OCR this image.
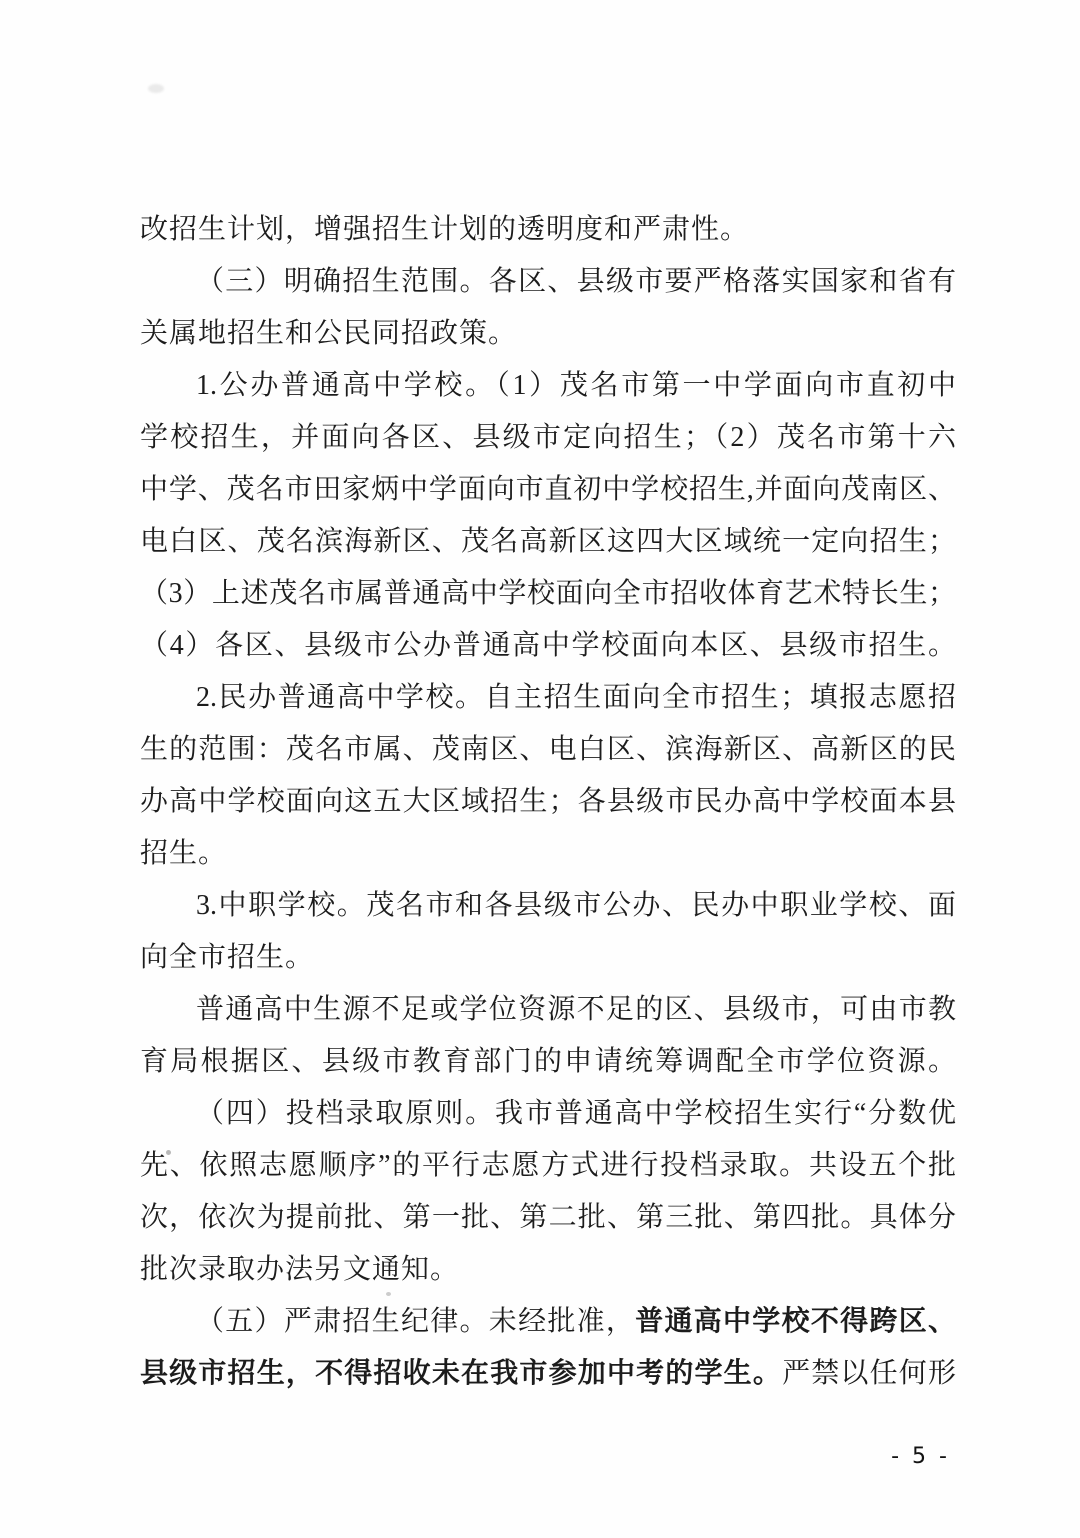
改招生计划，增强招生计划的透明度和严肃性。
（三）明确招生范围。各区、县级市要严格落实国家和省有
关属地招生和公民同招政策。
1.公办普通高中学校。（1）茂名市第一中学面向市直初中
学校招生，并面向各区、县级市定向招生；（2）茂名市第十六
中学、茂名市田家炳中学面向市直初中学校招生,并面向茂南区、
电白区、茂名滨海新区、茂名高新区这四大区域统一定向招生；
（3）上述茂名市属普通高中学校面向全市招收体育艺术特长生；
（4）各区、县级市公办普通高中学校面向本区、县级市招生。
2.民办普通高中学校。自主招生面向全市招生；填报志愿招
生的范围：茂名市属、茂南区、电白区、滨海新区、高新区的民
办高中学校面向这五大区域招生；各县级市民办高中学校面本县
招生。
3.中职学校。茂名市和各县级市公办、民办中职业学校、面
向全市招生。
普通高中生源不足或学位资源不足的区、县级市，可由市教
育局根据区、县级市教育部门的申请统筹调配全市学位资源。
（四）投档录取原则。我市普通高中学校招生实行“分数优
先、依照志愿顺序”的平行志愿方式进行投档录取。共设五个批
次，依次为提前批、第一批、第二批、第三批、第四批。具体分
批次录取办法另文通知。
（五）严肃招生纪律。未经批准，普通高中学校不得跨区、
县级市招生，不得招收未在我市参加中考的学生。严禁以任何形
- 5 -
